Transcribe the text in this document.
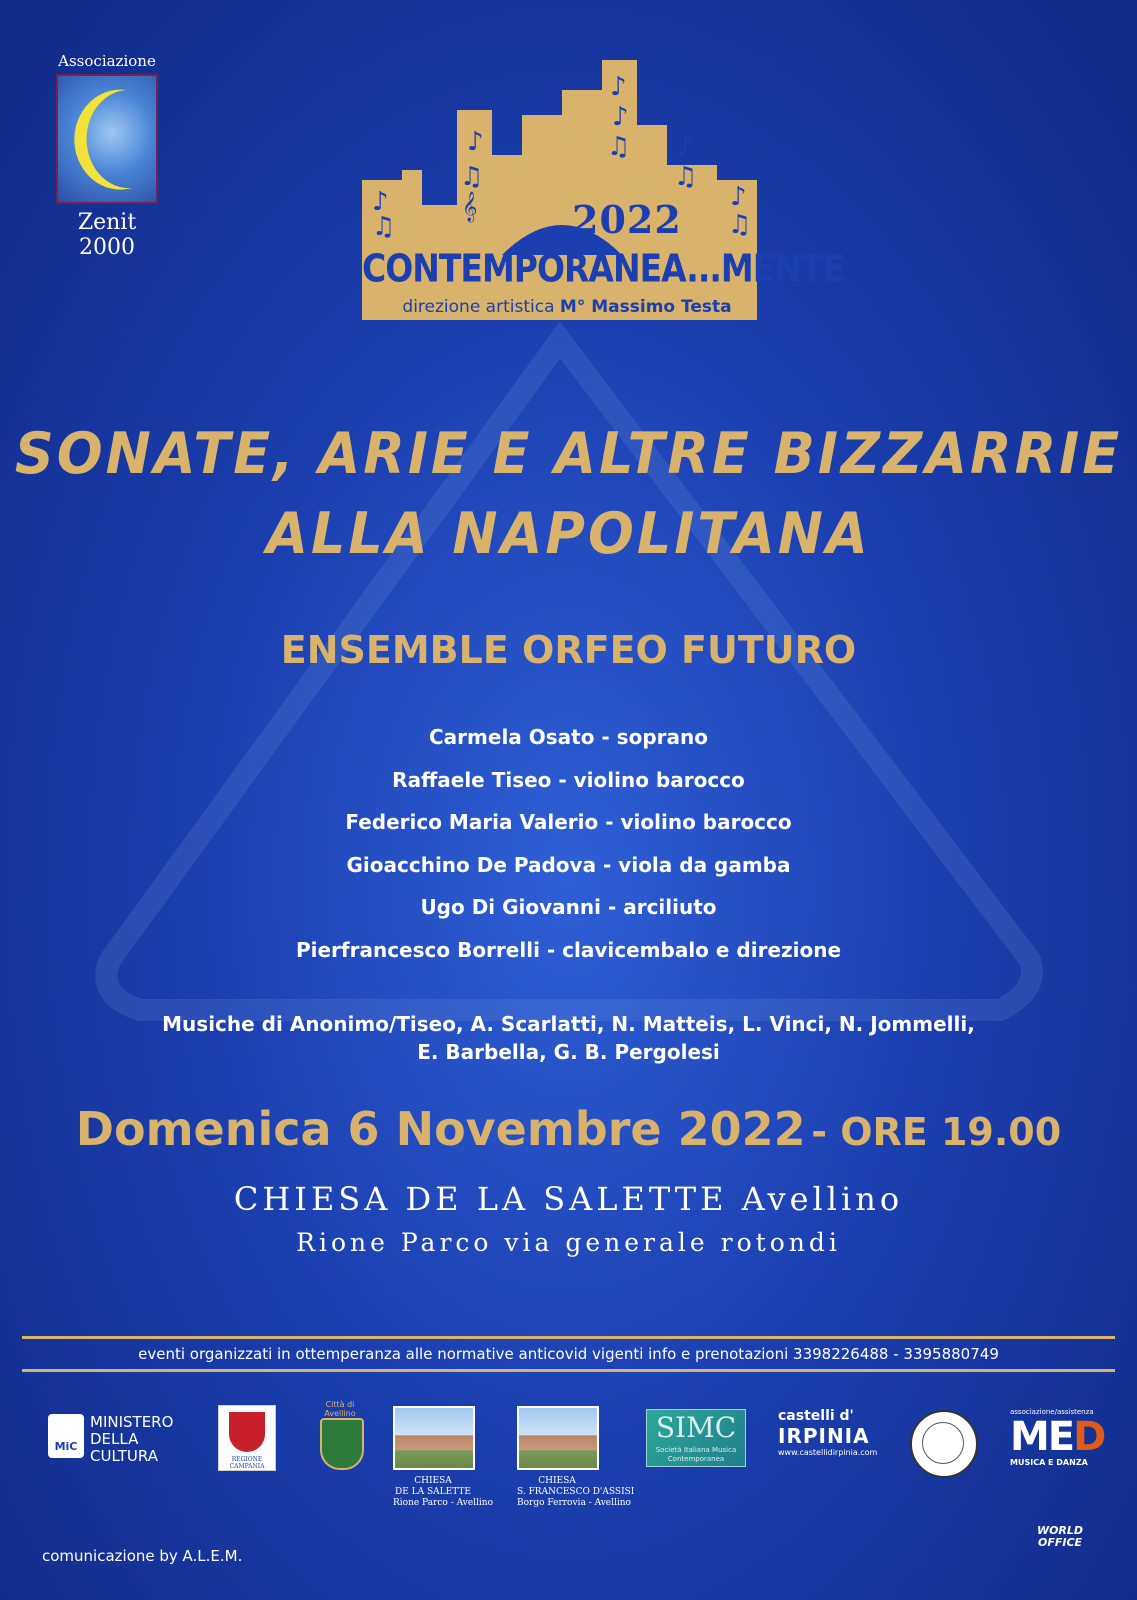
Associazione
Zenit 2000
♪
♫
♪
♫
𝄞
♪
♪
♫ ♪
♫
♪
♫
2022
CONTEMPORANEA...MENTE
direzione artistica M° Massimo Testa
SONATE, ARIE E ALTRE BIZZARRIE
ALLA NAPOLITANA
ENSEMBLE ORFEO FUTURO
Carmela Osato - soprano
Raffaele Tiseo - violino barocco
Federico Maria Valerio - violino barocco
Gioacchino De Padova - viola da gamba
Ugo Di Giovanni - arciliuto
Pierfrancesco Borrelli - clavicembalo e direzione
Musiche di Anonimo/Tiseo, A. Scarlatti, N. Matteis, L. Vinci, N. Jommelli,
E. Barbella, G. B. Pergolesi
Domenica 6 Novembre 2022 - ORE 19.00
CHIESA DE LA SALETTE Avellino
Rione Parco via generale rotondi
eventi organizzati in ottemperanza alle normative anticovid vigenti info e prenotazioni 3398226488 - 3395880749
MiC
MINISTERO
DELLA
CULTURA	REGIONE CAMPANIA
Città di Avellino
CHIESA
DE LA SALETTE
Rione Parco - Avellino
CHIESA
S. FRANCESCO D'ASSISI
Borgo Ferrovia - Avellino
SIMC
Società Italiana Musica Contemporanea
castelli d'
IRPINIA
www.castellidirpinia.com
associazione/assistenza
MED
MUSICA E DANZA
comunicazione by A.L.E.M.
WORLD OFFICE
